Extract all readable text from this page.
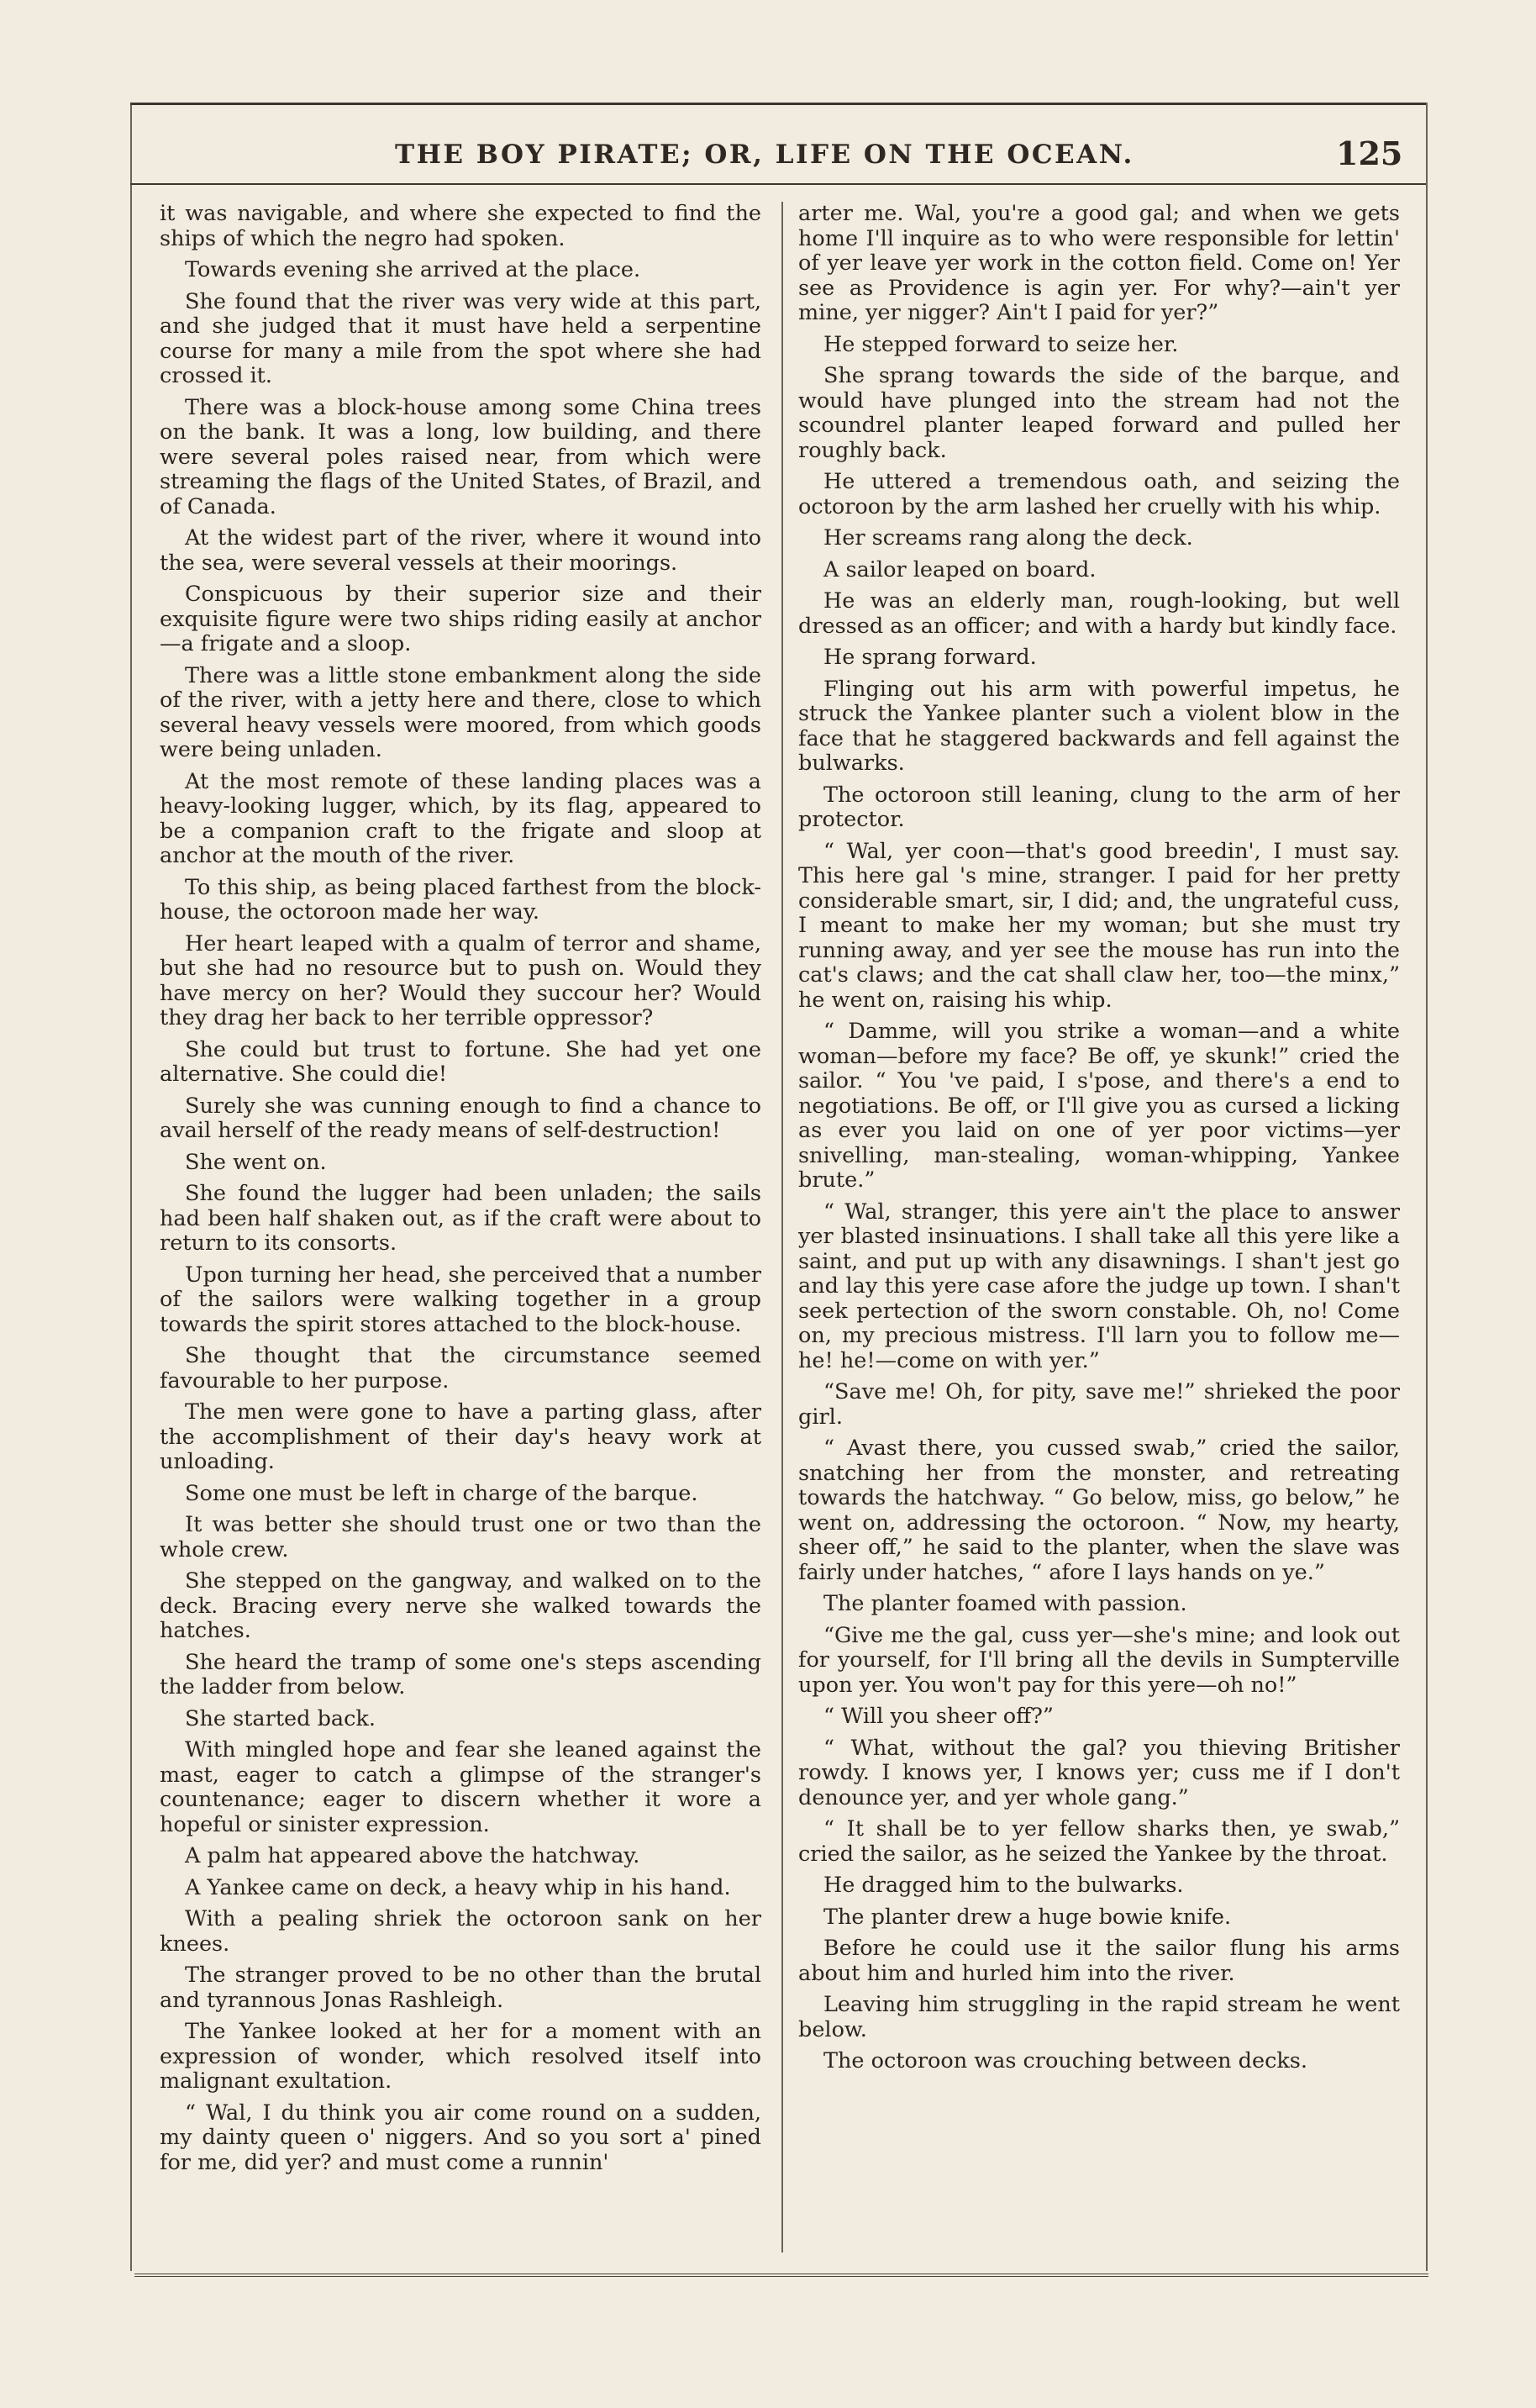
THE BOY PIRATE; OR, LIFE ON THE OCEAN.	125

it was navigable, and where she expected to find the ships of which the negro had spoken.

Towards evening she arrived at the place.

She found that the river was very wide at this part, and she judged that it must have held a serpentine course for many a mile from the spot where she had crossed it.

There was a block-house among some China trees on the bank. It was a long, low building, and there were several poles raised near, from which were streaming the flags of the United States, of Brazil, and of Canada.

At the widest part of the river, where it wound into the sea, were several vessels at their moorings.

Conspicuous by their superior size and their exquisite figure were two ships riding easily at anchor—a frigate and a sloop.

There was a little stone embankment along the side of the river, with a jetty here and there, close to which several heavy vessels were moored, from which goods were being unladen.

At the most remote of these landing places was a heavy-looking lugger, which, by its flag, appeared to be a companion craft to the frigate and sloop at anchor at the mouth of the river.

To this ship, as being placed farthest from the block-house, the octoroon made her way.

Her heart leaped with a qualm of terror and shame, but she had no resource but to push on. Would they have mercy on her? Would they succour her? Would they drag her back to her terrible oppressor?

She could but trust to fortune. She had yet one alternative. She could die!

Surely she was cunning enough to find a chance to avail herself of the ready means of self-destruction!

She went on.

She found the lugger had been unladen; the sails had been half shaken out, as if the craft were about to return to its consorts.

Upon turning her head, she perceived that a number of the sailors were walking together in a group towards the spirit stores attached to the block-house.

She thought that the circumstance seemed favourable to her purpose.

The men were gone to have a parting glass, after the accomplishment of their day's heavy work at unloading.

Some one must be left in charge of the barque.

It was better she should trust one or two than the whole crew.

She stepped on the gangway, and walked on to the deck. Bracing every nerve she walked towards the hatches.

She heard the tramp of some one's steps ascending the ladder from below.

She started back.

With mingled hope and fear she leaned against the mast, eager to catch a glimpse of the stranger's countenance; eager to discern whether it wore a hopeful or sinister expression.

A palm hat appeared above the hatchway.

A Yankee came on deck, a heavy whip in his hand.

With a pealing shriek the octoroon sank on her knees.

The stranger proved to be no other than the brutal and tyrannous Jonas Rashleigh.

The Yankee looked at her for a moment with an expression of wonder, which resolved itself into malignant exultation.

“ Wal, I du think you air come round on a sudden, my dainty queen o' niggers. And so you sort a' pined for me, did yer? and must come a runnin'

arter me. Wal, you're a good gal; and when we gets home I'll inquire as to who were responsible for lettin' of yer leave yer work in the cotton field. Come on! Yer see as Providence is agin yer. For why?—ain't yer mine, yer nigger? Ain't I paid for yer?”

He stepped forward to seize her.

She sprang towards the side of the barque, and would have plunged into the stream had not the scoundrel planter leaped forward and pulled her roughly back.

He uttered a tremendous oath, and seizing the octoroon by the arm lashed her cruelly with his whip.

Her screams rang along the deck.

A sailor leaped on board.

He was an elderly man, rough-looking, but well dressed as an officer; and with a hardy but kindly face.

He sprang forward.

Flinging out his arm with powerful impetus, he struck the Yankee planter such a violent blow in the face that he staggered backwards and fell against the bulwarks.

The octoroon still leaning, clung to the arm of her protector.

“ Wal, yer coon—that's good breedin', I must say. This here gal 's mine, stranger. I paid for her pretty considerable smart, sir, I did; and, the ungrateful cuss, I meant to make her my woman; but she must try running away, and yer see the mouse has run into the cat's claws; and the cat shall claw her, too—the minx,” he went on, raising his whip.

“ Damme, will you strike a woman—and a white woman—before my face? Be off, ye skunk!” cried the sailor. “ You 've paid, I s'pose, and there's a end to negotiations. Be off, or I'll give you as cursed a licking as ever you laid on one of yer poor victims—yer snivelling, man-stealing, woman-whipping, Yankee brute.”

“ Wal, stranger, this yere ain't the place to answer yer blasted insinuations. I shall take all this yere like a saint, and put up with any disawnings. I shan't jest go and lay this yere case afore the judge up town. I shan't seek pertection of the sworn constable. Oh, no! Come on, my precious mistress. I'll larn you to follow me—he! he!—come on with yer.”

“Save me! Oh, for pity, save me!” shrieked the poor girl.

“ Avast there, you cussed swab,” cried the sailor, snatching her from the monster, and retreating towards the hatchway. “ Go below, miss, go below,” he went on, addressing the octoroon. “ Now, my hearty, sheer off,” he said to the planter, when the slave was fairly under hatches, “ afore I lays hands on ye.”

The planter foamed with passion.

“Give me the gal, cuss yer—she's mine; and look out for yourself, for I'll bring all the devils in Sumpterville upon yer. You won't pay for this yere—oh no!”

“ Will you sheer off?”

“ What, without the gal? you thieving Britisher rowdy. I knows yer, I knows yer; cuss me if I don't denounce yer, and yer whole gang.”

“ It shall be to yer fellow sharks then, ye swab,” cried the sailor, as he seized the Yankee by the throat.

He dragged him to the bulwarks.

The planter drew a huge bowie knife.

Before he could use it the sailor flung his arms about him and hurled him into the river.

Leaving him struggling in the rapid stream he went below.

The octoroon was crouching between decks.
